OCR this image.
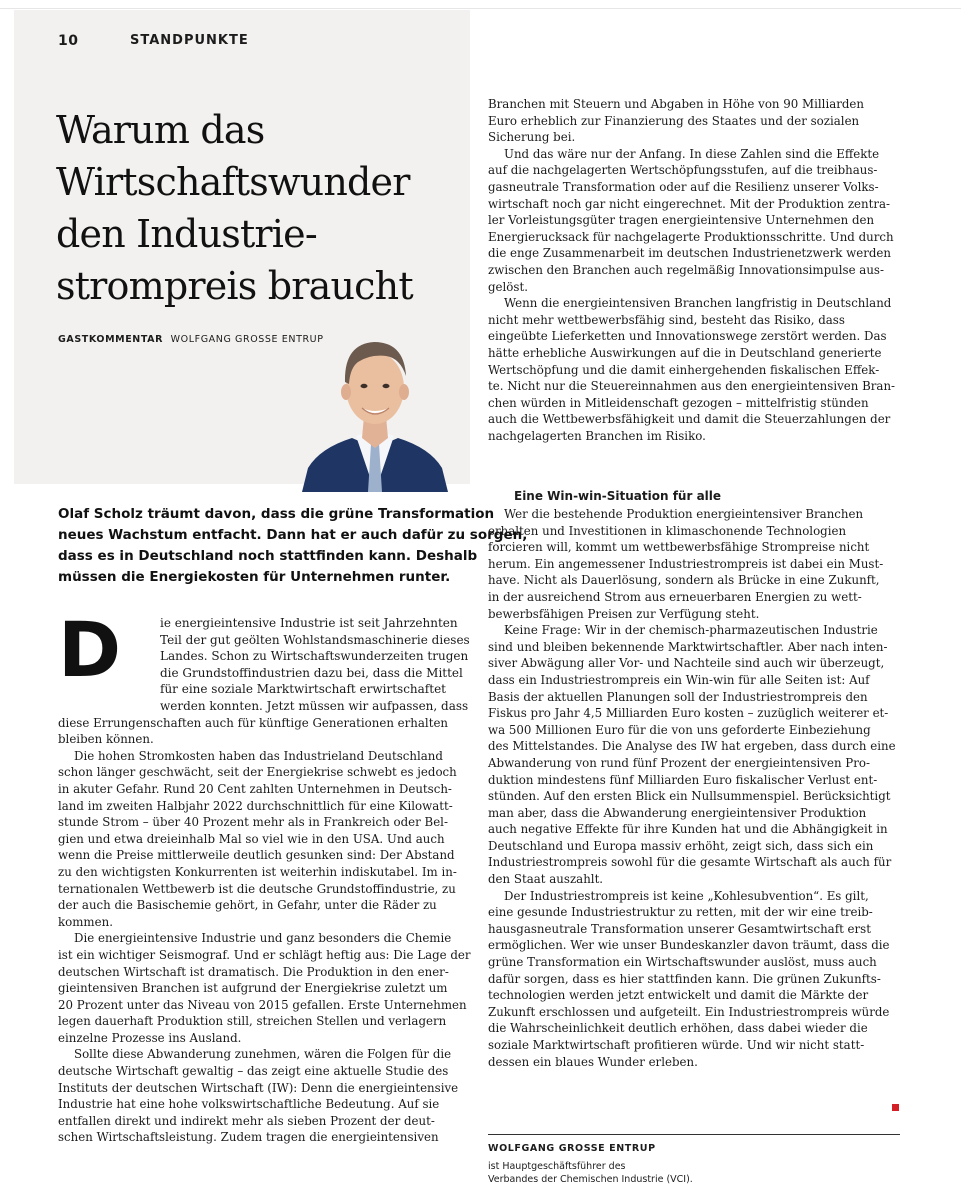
10	STANDPUNKTE
Warum das
Wirtschaftswunder
den Industrie-
strompreis braucht
GASTKOMMENTAR WOLFGANG GROSSE ENTRUP
Olaf Scholz träumt davon, dass die grüne Transformation
neues Wachstum entfacht. Dann hat er auch dafür zu sorgen,
dass es in Deutschland noch stattfinden kann. Deshalb
müssen die Energiekosten für Unternehmen runter.
D	ie energieintensive Industrie ist seit Jahrzehnten
Teil der gut geölten Wohlstandsmaschinerie dieses
Landes. Schon zu Wirtschaftswunderzeiten trugen
die Grundstoffindustrien dazu bei, dass die Mittel
für eine soziale Marktwirtschaft erwirtschaftet
werden konnten. Jetzt müssen wir aufpassen, dass
diese Errungenschaften auch für künftige Generationen erhalten
bleiben können.
Die hohen Stromkosten haben das Industrieland Deutschland
schon länger geschwächt, seit der Energiekrise schwebt es jedoch
in akuter Gefahr. Rund 20 Cent zahlten Unternehmen in Deutsch-
land im zweiten Halbjahr 2022 durchschnittlich für eine Kilowatt-
stunde Strom – über 40 Prozent mehr als in Frankreich oder Bel-
gien und etwa dreieinhalb Mal so viel wie in den USA. Und auch
wenn die Preise mittlerweile deutlich gesunken sind: Der Abstand
zu den wichtigsten Konkurrenten ist weiterhin indiskutabel. Im in-
ternationalen Wettbewerb ist die deutsche Grundstoffindustrie, zu
der auch die Basischemie gehört, in Gefahr, unter die Räder zu
kommen.
Die energieintensive Industrie und ganz besonders die Chemie
ist ein wichtiger Seismograf. Und er schlägt heftig aus: Die Lage der
deutschen Wirtschaft ist dramatisch. Die Produktion in den ener-
gieintensiven Branchen ist aufgrund der Energiekrise zuletzt um
20 Prozent unter das Niveau von 2015 gefallen. Erste Unternehmen
legen dauerhaft Produktion still, streichen Stellen und verlagern
einzelne Prozesse ins Ausland.
Sollte diese Abwanderung zunehmen, wären die Folgen für die
deutsche Wirtschaft gewaltig – das zeigt eine aktuelle Studie des
Instituts der deutschen Wirtschaft (IW): Denn die energieintensive
Industrie hat eine hohe volkswirtschaftliche Bedeutung. Auf sie
entfallen direkt und indirekt mehr als sieben Prozent der deut-
schen Wirtschaftsleistung. Zudem tragen die energieintensiven
Branchen mit Steuern und Abgaben in Höhe von 90 Milliarden
Euro erheblich zur Finanzierung des Staates und der sozialen
Sicherung bei.
Und das wäre nur der Anfang. In diese Zahlen sind die Effekte
auf die nachgelagerten Wertschöpfungsstufen, auf die treibhaus-
gasneutrale Transformation oder auf die Resilienz unserer Volks-
wirtschaft noch gar nicht eingerechnet. Mit der Produktion zentra-
ler Vorleistungsgüter tragen energieintensive Unternehmen den
Energierucksack für nachgelagerte Produktionsschritte. Und durch
die enge Zusammenarbeit im deutschen Industrienetzwerk werden
zwischen den Branchen auch regelmäßig Innovationsimpulse aus-
gelöst.
Wenn die energieintensiven Branchen langfristig in Deutschland
nicht mehr wettbewerbsfähig sind, besteht das Risiko, dass
eingeübte Lieferketten und Innovationswege zerstört werden. Das
hätte erhebliche Auswirkungen auf die in Deutschland generierte
Wertschöpfung und die damit einhergehenden fiskalischen Effek-
te. Nicht nur die Steuereinnahmen aus den energieintensiven Bran-
chen würden in Mitleidenschaft gezogen – mittelfristig stünden
auch die Wettbewerbsfähigkeit und damit die Steuerzahlungen der
nachgelagerten Branchen im Risiko.
Eine Win-win-Situation für alle
Wer die bestehende Produktion energieintensiver Branchen
erhalten und Investitionen in klimaschonende Technologien
forcieren will, kommt um wettbewerbsfähige Strompreise nicht
herum. Ein angemessener Industriestrompreis ist dabei ein Must-
have. Nicht als Dauerlösung, sondern als Brücke in eine Zukunft,
in der ausreichend Strom aus erneuerbaren Energien zu wett-
bewerbsfähigen Preisen zur Verfügung steht.
Keine Frage: Wir in der chemisch-pharmazeutischen Industrie
sind und bleiben bekennende Marktwirtschaftler. Aber nach inten-
siver Abwägung aller Vor- und Nachteile sind auch wir überzeugt,
dass ein Industriestrompreis ein Win-win für alle Seiten ist: Auf
Basis der aktuellen Planungen soll der Industriestrompreis den
Fiskus pro Jahr 4,5 Milliarden Euro kosten – zuzüglich weiterer et-
wa 500 Millionen Euro für die von uns geforderte Einbeziehung
des Mittelstandes. Die Analyse des IW hat ergeben, dass durch eine
Abwanderung von rund fünf Prozent der energieintensiven Pro-
duktion mindestens fünf Milliarden Euro fiskalischer Verlust ent-
stünden. Auf den ersten Blick ein Nullsummenspiel. Berücksichtigt
man aber, dass die Abwanderung energieintensiver Produktion
auch negative Effekte für ihre Kunden hat und die Abhängigkeit in
Deutschland und Europa massiv erhöht, zeigt sich, dass sich ein
Industriestrompreis sowohl für die gesamte Wirtschaft als auch für
den Staat auszahlt.
Der Industriestrompreis ist keine „Kohlesubvention“. Es gilt,
eine gesunde Industriestruktur zu retten, mit der wir eine treib-
hausgasneutrale Transformation unserer Gesamtwirtschaft erst
ermöglichen. Wer wie unser Bundeskanzler davon träumt, dass die
grüne Transformation ein Wirtschaftswunder auslöst, muss auch
dafür sorgen, dass es hier stattfinden kann. Die grünen Zukunfts-
technologien werden jetzt entwickelt und damit die Märkte der
Zukunft erschlossen und aufgeteilt. Ein Industriestrompreis würde
die Wahrscheinlichkeit deutlich erhöhen, dass dabei wieder die
soziale Marktwirtschaft profitieren würde. Und wir nicht statt-
dessen ein blaues Wunder erleben.
WOLFGANG GROSSE ENTRUP
ist Hauptgeschäftsführer des
Verbandes der Chemischen Industrie (VCI).
